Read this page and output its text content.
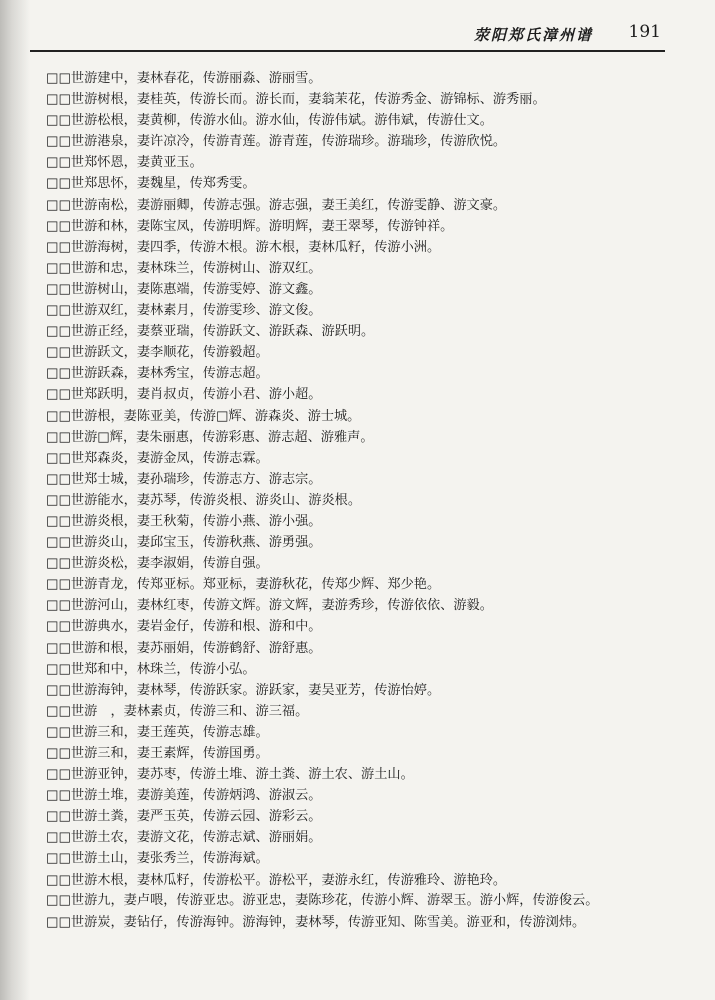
荥阳郑氏漳州谱 191
□□世游建中，妻林春花，传游丽淼、游丽雪。
□□世游树根，妻桂英，传游长而。游长而，妻翁茉花，传游秀金、游锦标、游秀丽。
□□世游松根，妻黄柳，传游水仙。游水仙，传游伟斌。游伟斌，传游仕文。
□□世游港泉，妻许凉冷，传游青莲。游青莲，传游瑞珍。游瑞珍，传游欣悦。
□□世郑怀恩，妻黄亚玉。
□□世郑思怀，妻魏星，传郑秀雯。
□□世游南松，妻游丽卿，传游志强。游志强，妻王美红，传游雯静、游文豪。
□□世游和林，妻陈宝凤，传游明辉。游明辉，妻王翠琴，传游钟祥。
□□世游海树，妻四季，传游木根。游木根，妻林瓜籽，传游小洲。
□□世游和忠，妻林珠兰，传游树山、游双红。
□□世游树山，妻陈惠端，传游雯婷、游文鑫。
□□世游双红，妻林素月，传游雯珍、游文俊。
□□世游正经，妻蔡亚瑞，传游跃文、游跃森、游跃明。
□□世游跃文，妻李顺花，传游毅超。
□□世游跃森，妻林秀宝，传游志超。
□□世郑跃明，妻肖叔贞，传游小君、游小超。
□□世游根，妻陈亚美，传游□辉、游森炎、游士城。
□□世游□辉，妻朱丽惠，传游彩惠、游志超、游雅声。
□□世郑森炎，妻游金凤，传游志霖。
□□世郑士城，妻孙瑞珍，传游志方、游志宗。
□□世游能水，妻苏琴，传游炎根、游炎山、游炎根。
□□世游炎根，妻王秋菊，传游小燕、游小强。
□□世游炎山，妻邱宝玉，传游秋燕、游勇强。
□□世游炎松，妻李淑娟，传游自强。
□□世游青龙，传郑亚标。郑亚标，妻游秋花，传郑少辉、郑少艳。
□□世游河山，妻林红枣，传游文辉。游文辉，妻游秀珍，传游依依、游毅。
□□世游典水，妻岩金仔，传游和根、游和中。
□□世游和根，妻苏丽娟，传游鹤舒、游舒惠。
□□世郑和中，林珠兰，传游小弘。
□□世游海钟，妻林琴，传游跃家。游跃家，妻吴亚芳，传游怡婷。
□□世游　，妻林素贞，传游三和、游三福。
□□世游三和，妻王莲英，传游志雄。
□□世游三和，妻王素辉，传游国勇。
□□世游亚钟，妻苏枣，传游土堆、游土粪、游土农、游土山。
□□世游土堆，妻游美莲，传游炳鸿、游淑云。
□□世游土粪，妻严玉英，传游云园、游彩云。
□□世游土农，妻游文花，传游志斌、游丽娟。
□□世游土山，妻张秀兰，传游海斌。
□□世游木根，妻林瓜籽，传游松平。游松平，妻游永红，传游雅玲、游艳玲。
□□世游九，妻卢喂，传游亚忠。游亚忠，妻陈珍花，传游小辉、游翠玉。游小辉，传游俊云。
□□世游炭，妻钻仔，传游海钟。游海钟，妻林琴，传游亚知、陈雪美。游亚和，传游浏炜。
